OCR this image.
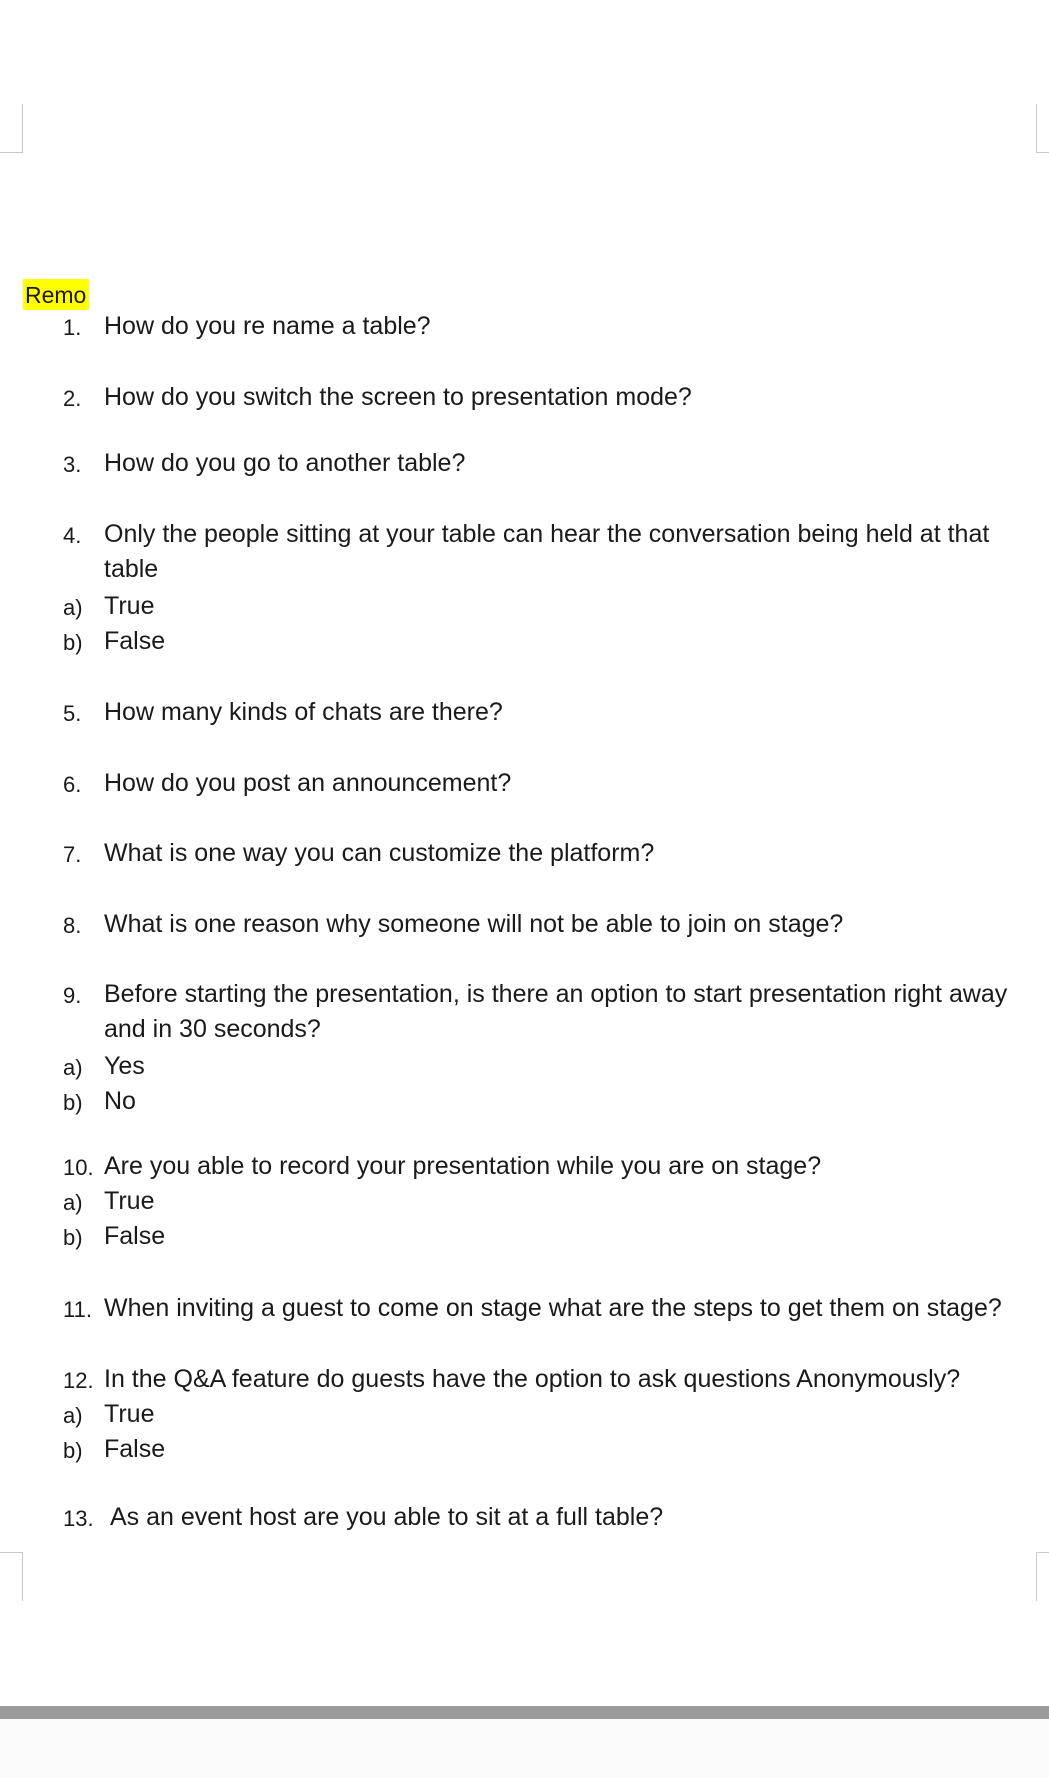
Remo
1. How do you re name a table?
2. How do you switch the screen to presentation mode?
3. How do you go to another table?
4. Only the people sitting at your table can hear the conversation being held at that table
a) True
b) False
5. How many kinds of chats are there?
6. How do you post an announcement?
7. What is one way you can customize the platform?
8. What is one reason why someone will not be able to join on stage?
9. Before starting the presentation, is there an option to start presentation right away and in 30 seconds?
a) Yes
b) No
10. Are you able to record your presentation while you are on stage?
a) True
b) False
11. When inviting a guest to come on stage what are the steps to get them on stage?
12. In the Q&A feature do guests have the option to ask questions Anonymously?
a) True
b) False
13. As an event host are you able to sit at a full table?
